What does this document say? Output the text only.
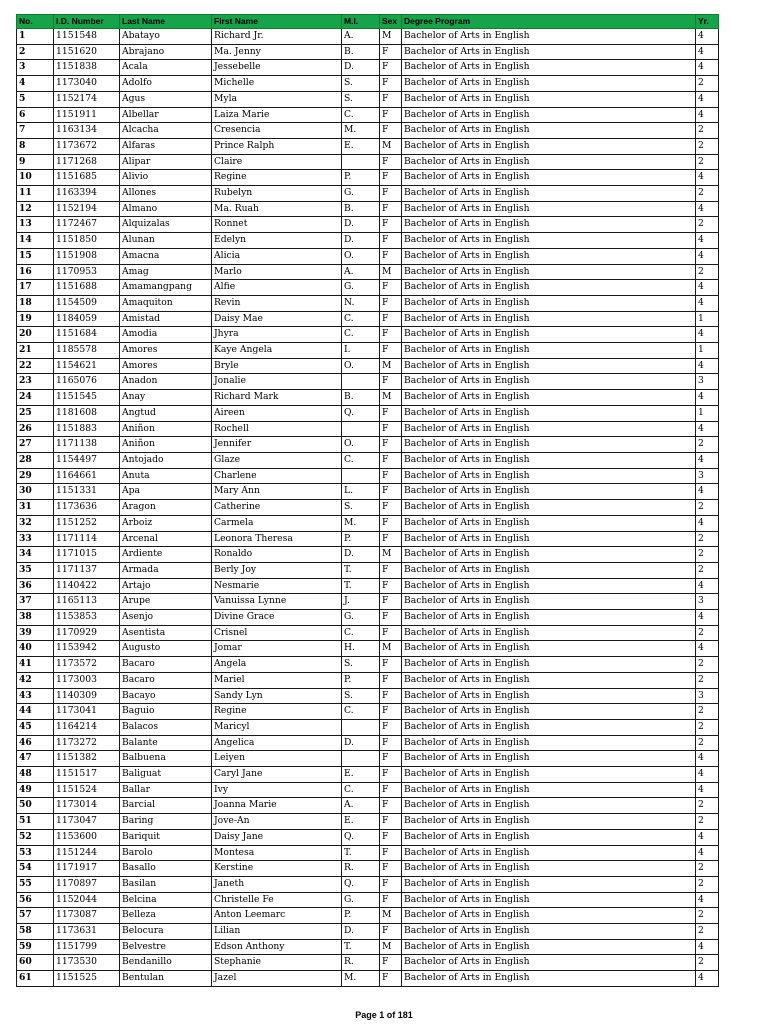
No.	I.D. Number	Last Name	First Name	M.I.	Sex	Degree Program	Yr.
1	1151548	Abatayo	Richard Jr.	A.	M	Bachelor of Arts in English	4
2	1151620	Abrajano	Ma. Jenny	B.	F	Bachelor of Arts in English	4
3	1151838	Acala	Jessebelle	D.	F	Bachelor of Arts in English	4
4	1173040	Adolfo	Michelle	S.	F	Bachelor of Arts in English	2
5	1152174	Agus	Myla	S.	F	Bachelor of Arts in English	4
6	1151911	Albellar	Laiza Marie	C.	F	Bachelor of Arts in English	4
7	1163134	Alcacha	Cresencia	M.	F	Bachelor of Arts in English	2
8	1173672	Alfaras	Prince Ralph	E.	M	Bachelor of Arts in English	2
9	1171268	Alipar	Claire		F	Bachelor of Arts in English	2
10	1151685	Alivio	Regine	P.	F	Bachelor of Arts in English	4
11	1163394	Allones	Rubelyn	G.	F	Bachelor of Arts in English	2
12	1152194	Almano	Ma. Ruah	B.	F	Bachelor of Arts in English	4
13	1172467	Alquizalas	Ronnet	D.	F	Bachelor of Arts in English	2
14	1151850	Alunan	Edelyn	D.	F	Bachelor of Arts in English	4
15	1151908	Amacna	Alicia	O.	F	Bachelor of Arts in English	4
16	1170953	Amag	Marlo	A.	M	Bachelor of Arts in English	2
17	1151688	Amamangpang	Alfie	G.	F	Bachelor of Arts in English	4
18	1154509	Amaquiton	Revin	N.	F	Bachelor of Arts in English	4
19	1184059	Amistad	Daisy Mae	C.	F	Bachelor of Arts in English	1
20	1151684	Amodia	Jhyra	C.	F	Bachelor of Arts in English	4
21	1185578	Amores	Kaye Angela	I.	F	Bachelor of Arts in English	1
22	1154621	Amores	Bryle	O.	M	Bachelor of Arts in English	4
23	1165076	Anadon	Jonalie		F	Bachelor of Arts in English	3
24	1151545	Anay	Richard Mark	B.	M	Bachelor of Arts in English	4
25	1181608	Angtud	Aireen	Q.	F	Bachelor of Arts in English	1
26	1151883	Aniñon	Rochell		F	Bachelor of Arts in English	4
27	1171138	Aniñon	Jennifer	O.	F	Bachelor of Arts in English	2
28	1154497	Antojado	Glaze	C.	F	Bachelor of Arts in English	4
29	1164661	Anuta	Charlene		F	Bachelor of Arts in English	3
30	1151331	Apa	Mary Ann	L.	F	Bachelor of Arts in English	4
31	1173636	Aragon	Catherine	S.	F	Bachelor of Arts in English	2
32	1151252	Arboiz	Carmela	M.	F	Bachelor of Arts in English	4
33	1171114	Arcenal	Leonora Theresa	P.	F	Bachelor of Arts in English	2
34	1171015	Ardiente	Ronaldo	D.	M	Bachelor of Arts in English	2
35	1171137	Armada	Berly Joy	T.	F	Bachelor of Arts in English	2
36	1140422	Artajo	Nesmarie	T.	F	Bachelor of Arts in English	4
37	1165113	Arupe	Vanuissa Lynne	J.	F	Bachelor of Arts in English	3
38	1153853	Asenjo	Divine Grace	G.	F	Bachelor of Arts in English	4
39	1170929	Asentista	Crisnel	C.	F	Bachelor of Arts in English	2
40	1153942	Augusto	Jomar	H.	M	Bachelor of Arts in English	4
41	1173572	Bacaro	Angela	S.	F	Bachelor of Arts in English	2
42	1173003	Bacaro	Mariel	P.	F	Bachelor of Arts in English	2
43	1140309	Bacayo	Sandy Lyn	S.	F	Bachelor of Arts in English	3
44	1173041	Baguio	Regine	C.	F	Bachelor of Arts in English	2
45	1164214	Balacos	Maricyl		F	Bachelor of Arts in English	2
46	1173272	Balante	Angelica	D.	F	Bachelor of Arts in English	2
47	1151382	Balbuena	Leiyen		F	Bachelor of Arts in English	4
48	1151517	Baliguat	Caryl Jane	E.	F	Bachelor of Arts in English	4
49	1151524	Ballar	Ivy	C.	F	Bachelor of Arts in English	4
50	1173014	Barcial	Joanna Marie	A.	F	Bachelor of Arts in English	2
51	1173047	Baring	Jove-An	E.	F	Bachelor of Arts in English	2
52	1153600	Bariquit	Daisy Jane	Q.	F	Bachelor of Arts in English	4
53	1151244	Barolo	Montesa	T.	F	Bachelor of Arts in English	4
54	1171917	Basallo	Kerstine	R.	F	Bachelor of Arts in English	2
55	1170897	Basilan	Janeth	Q.	F	Bachelor of Arts in English	2
56	1152044	Belcina	Christelle Fe	G.	F	Bachelor of Arts in English	4
57	1173087	Belleza	Anton Leemarc	P.	M	Bachelor of Arts in English	2
58	1173631	Belocura	Lilian	D.	F	Bachelor of Arts in English	2
59	1151799	Belvestre	Edson Anthony	T.	M	Bachelor of Arts in English	4
60	1173530	Bendanillo	Stephanie	R.	F	Bachelor of Arts in English	2
61	1151525	Bentulan	Jazel	M.	F	Bachelor of Arts in English	4
Page 1 of 181
